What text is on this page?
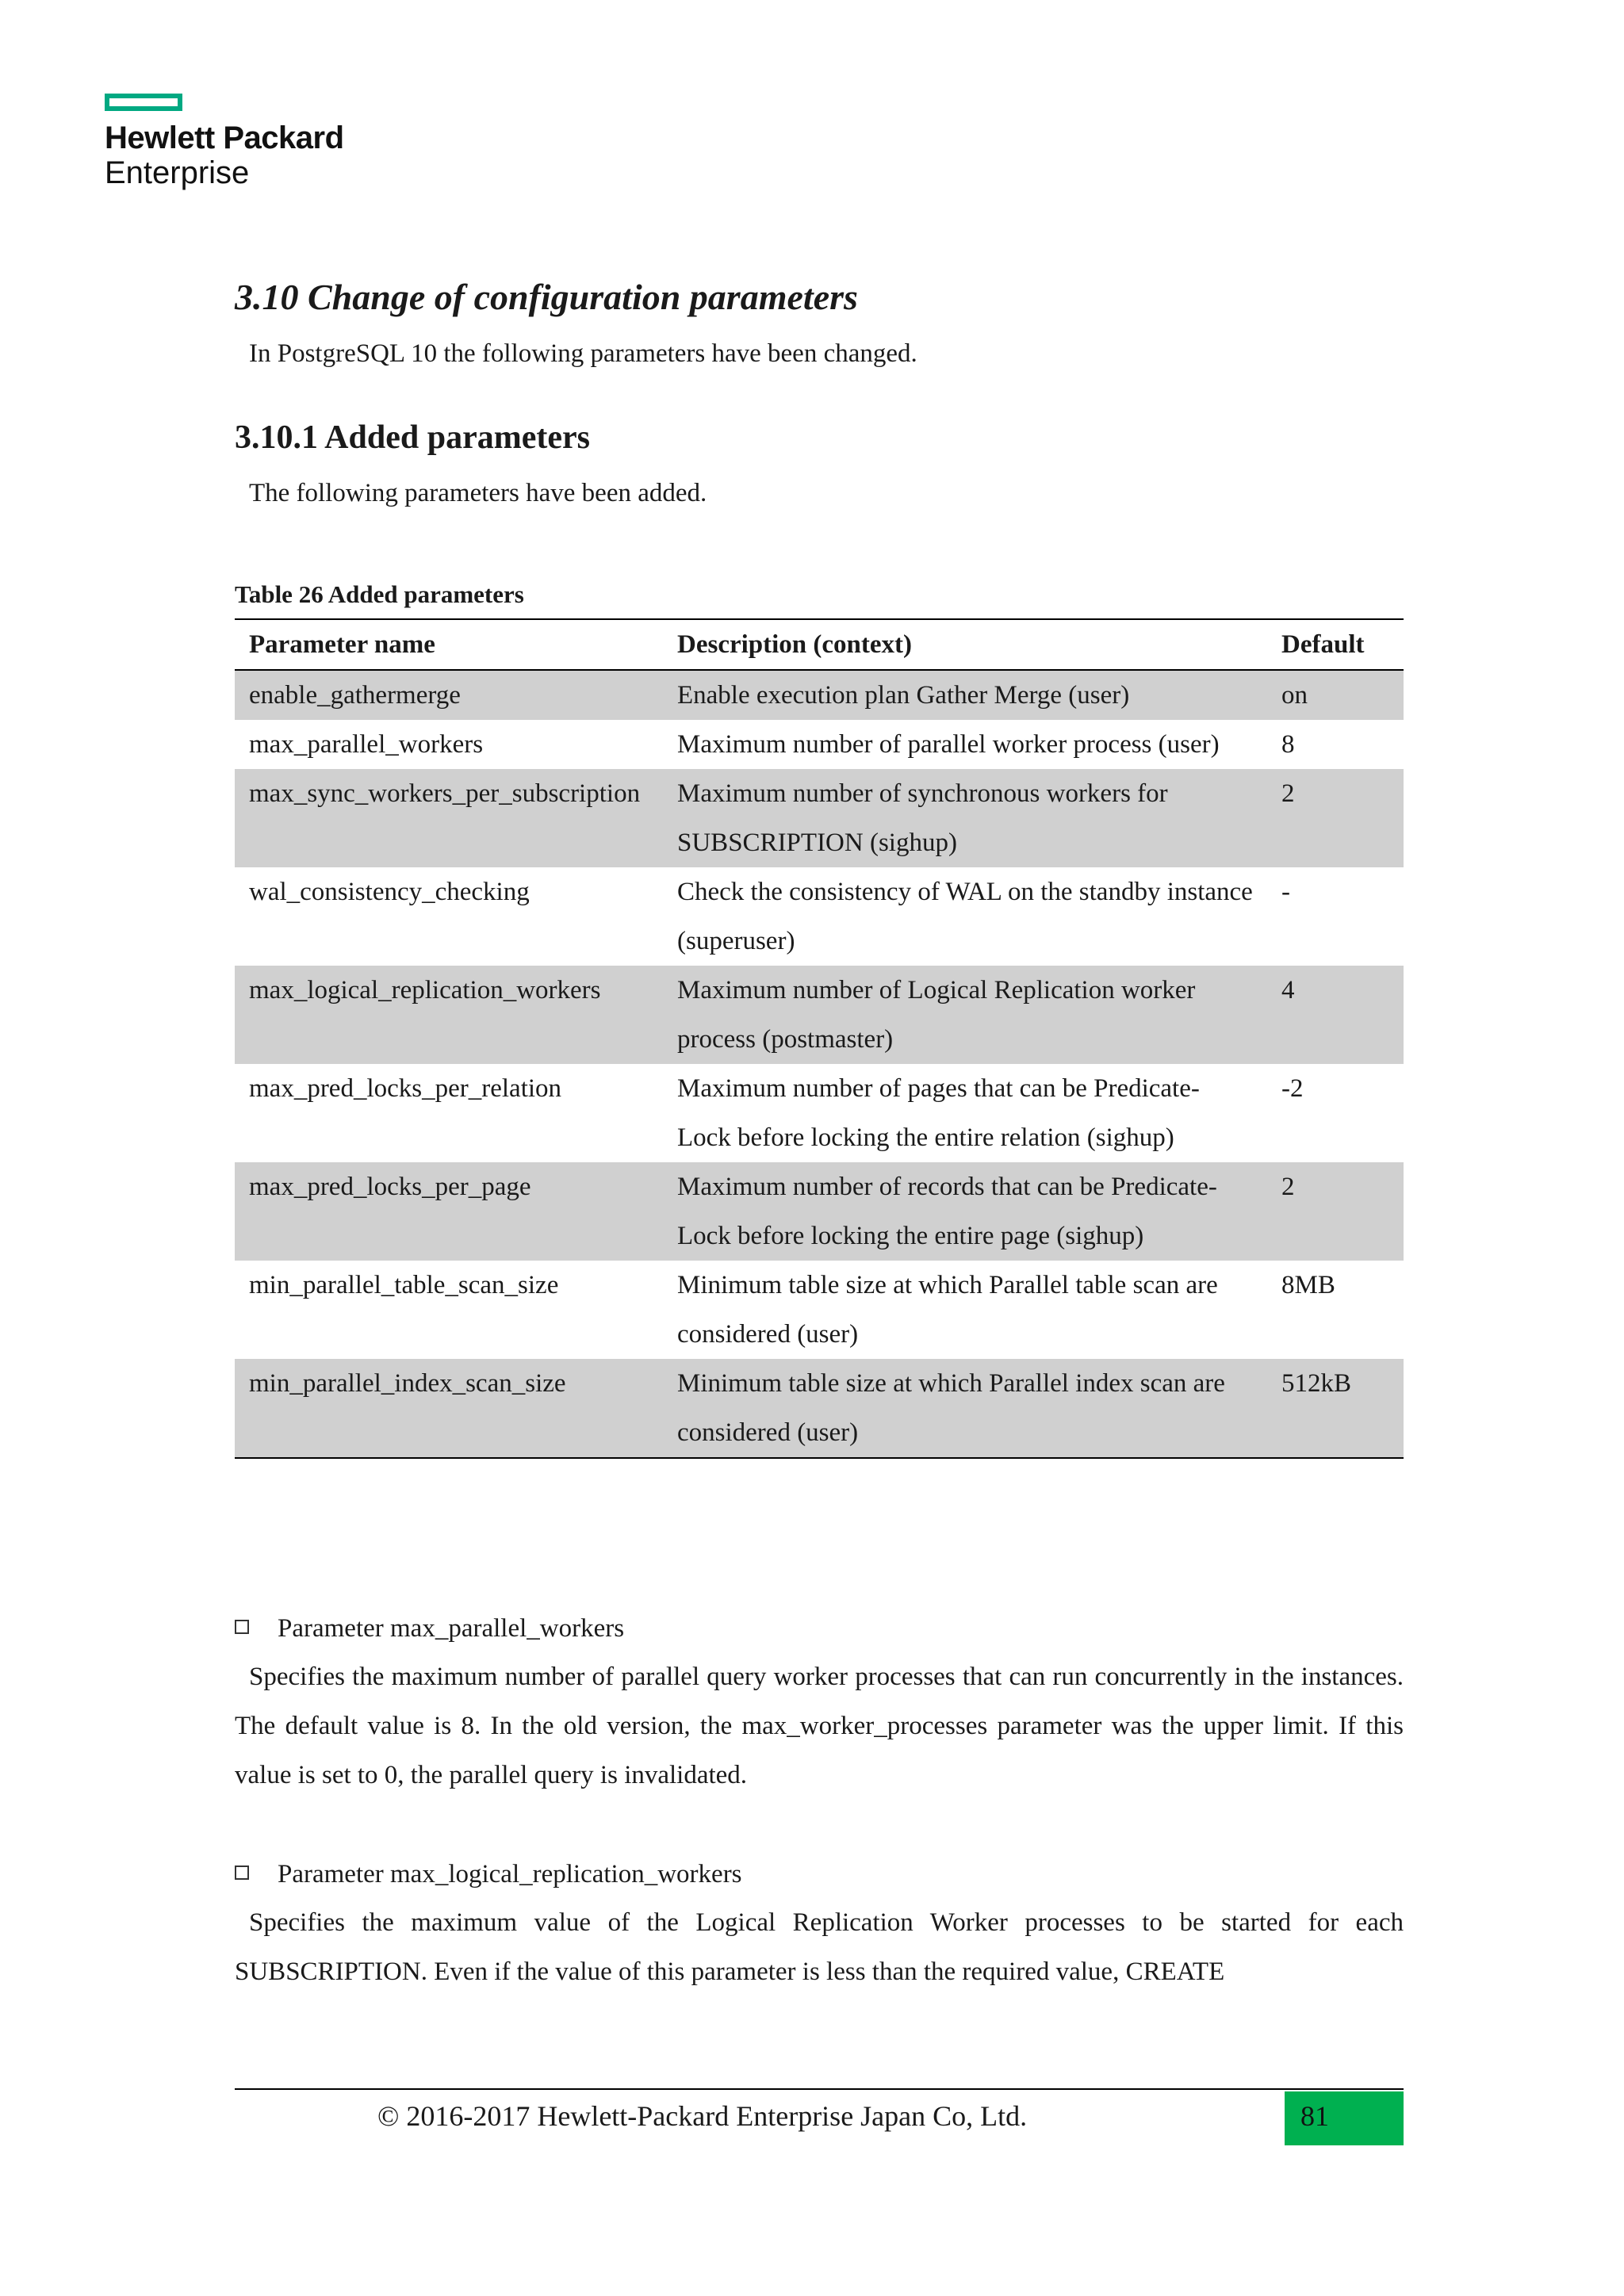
Hewlett Packard
Enterprise
3.10 Change of configuration parameters

In PostgreSQL 10 the following parameters have been changed.

3.10.1 Added parameters

The following parameters have been added.

Table 26 Added parameters

Parameter name	Description (context)	Default
enable_gathermerge	Enable execution plan Gather Merge (user)	on
max_parallel_workers	Maximum number of parallel worker process (user)	8
max_sync_workers_per_subscription	Maximum number of synchronous workers for SUBSCRIPTION (sighup)	2
wal_consistency_checking	Check the consistency of WAL on the standby instance (superuser)	-
max_logical_replication_workers	Maximum number of Logical Replication worker process (postmaster)	4
max_pred_locks_per_relation	Maximum number of pages that can be Predicate-Lock before locking the entire relation (sighup)	-2
max_pred_locks_per_page	Maximum number of records that can be Predicate-Lock before locking the entire page (sighup)	2
min_parallel_table_scan_size	Minimum table size at which Parallel table scan are considered (user)	8MB
min_parallel_index_scan_size	Minimum table size at which Parallel index scan are considered (user)	512kB
Parameter max_parallel_workers

Specifies the maximum number of parallel query worker processes that can run concurrently in the instances. The default value is 8. In the old version, the max_worker_processes parameter was the upper limit. If this value is set to 0, the parallel query is invalidated.

Parameter max_logical_replication_workers

Specifies the maximum value of the Logical Replication Worker processes to be started for each SUBSCRIPTION. Even if the value of this parameter is less than the required value, CREATE

© 2016-2017 Hewlett-Packard Enterprise Japan Co, Ltd.	81
